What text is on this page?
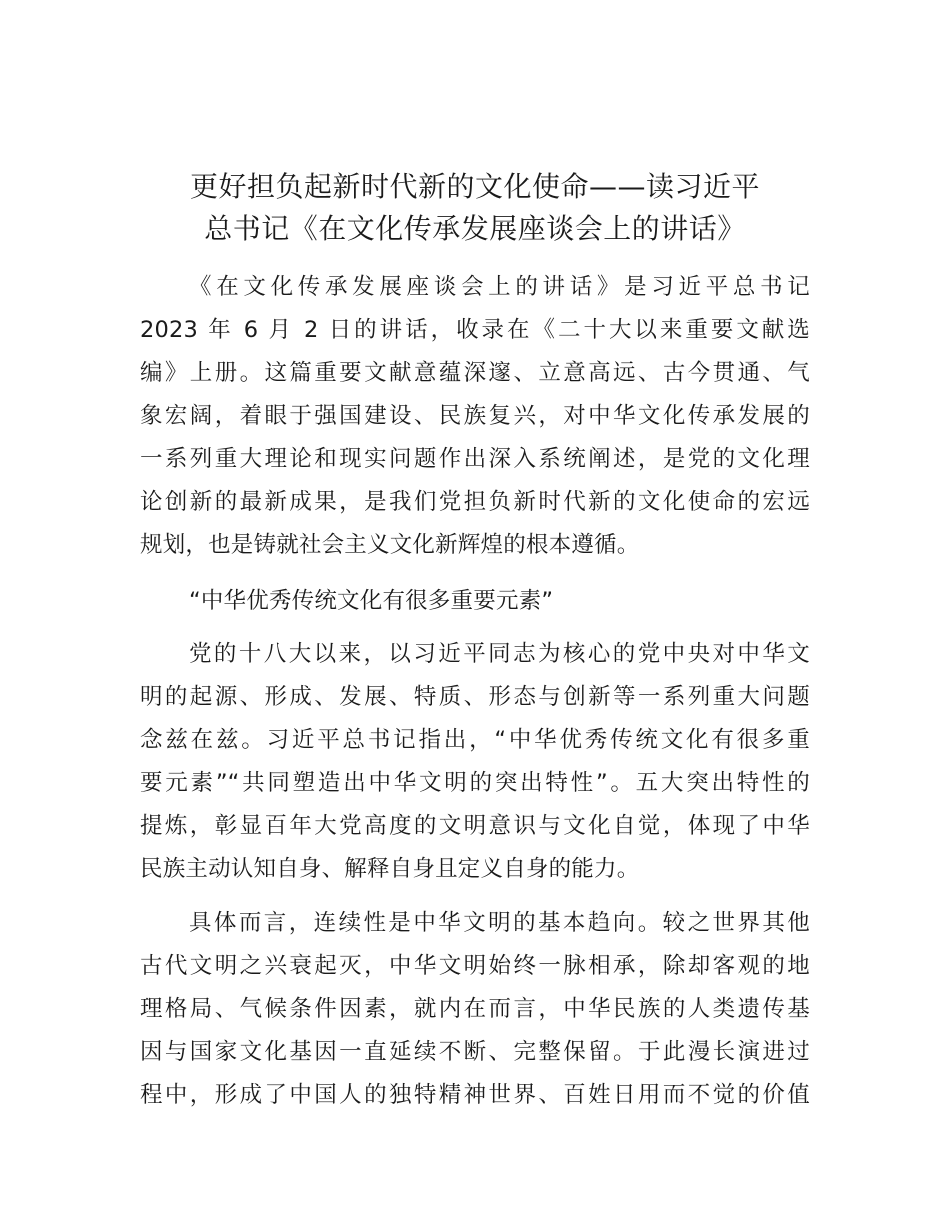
更好担负起新时代新的文化使命——读习近平
总书记《在文化传承发展座谈会上的讲话》
《在文化传承发展座谈会上的讲话》是习近平总书记
2023 年 6 月 2 日的讲话，收录在《二十大以来重要文献选
编》上册。这篇重要文献意蕴深邃、立意高远、古今贯通、气
象宏阔，着眼于强国建设、民族复兴，对中华文化传承发展的
一系列重大理论和现实问题作出深入系统阐述，是党的文化理
论创新的最新成果，是我们党担负新时代新的文化使命的宏远
规划，也是铸就社会主义文化新辉煌的根本遵循。
“中华优秀传统文化有很多重要元素”
党的十八大以来，以习近平同志为核心的党中央对中华文
明的起源、形成、发展、特质、形态与创新等一系列重大问题
念兹在兹。习近平总书记指出，“中华优秀传统文化有很多重
要元素”“共同塑造出中华文明的突出特性”。五大突出特性的
提炼，彰显百年大党高度的文明意识与文化自觉，体现了中华
民族主动认知自身、解释自身且定义自身的能力。
具体而言，连续性是中华文明的基本趋向。较之世界其他
古代文明之兴衰起灭，中华文明始终一脉相承，除却客观的地
理格局、气候条件因素，就内在而言，中华民族的人类遗传基
因与国家文化基因一直延续不断、完整保留。于此漫长演进过
程中，形成了中国人的独特精神世界、百姓日用而不觉的价值
